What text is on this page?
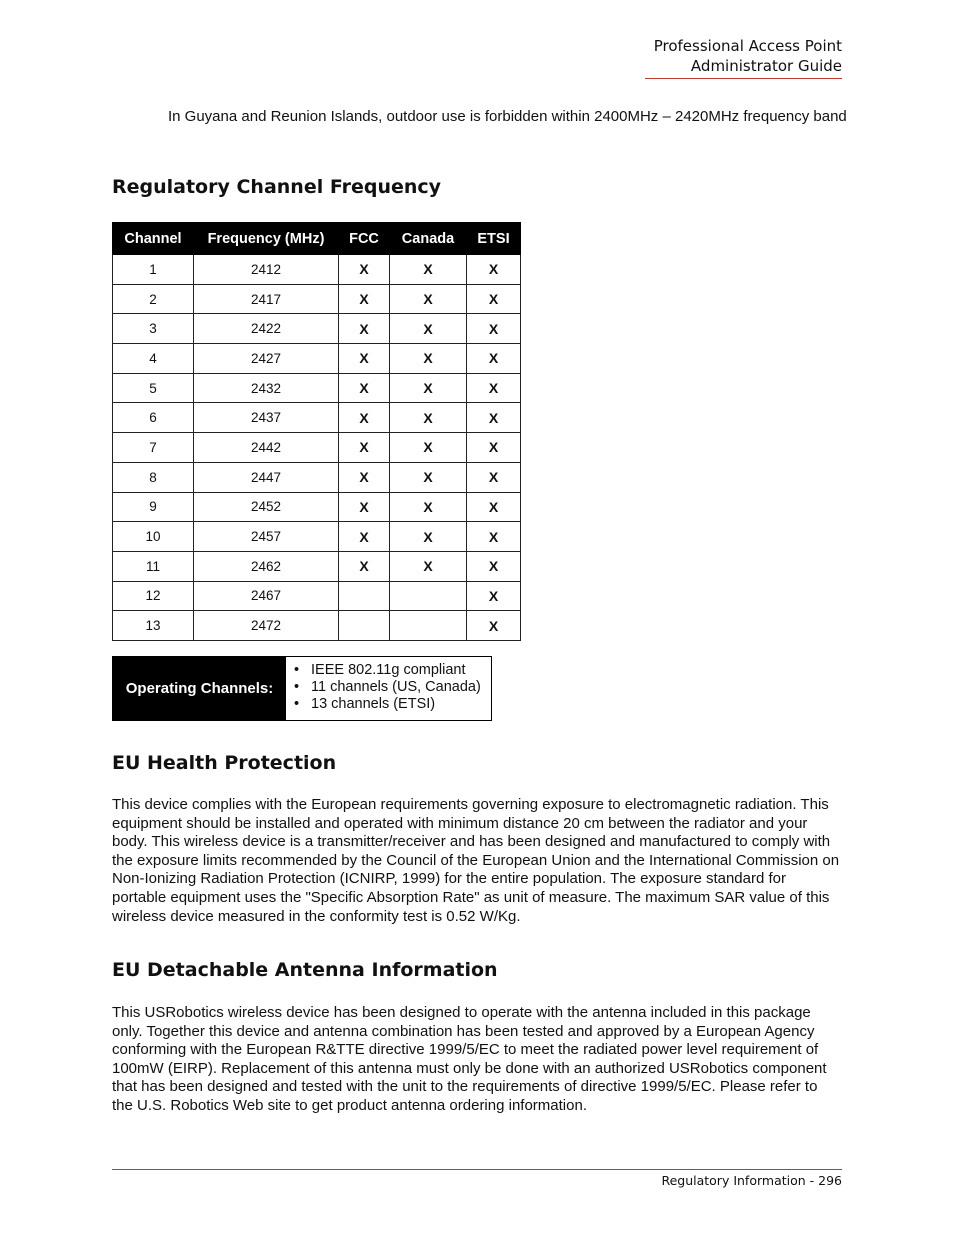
Professional Access Point
Administrator Guide

In Guyana and Reunion Islands, outdoor use is forbidden within 2400MHz – 2420MHz frequency band

Regulatory Channel Frequency
Channel	Frequency (MHz)	FCC	Canada	ETSI
1	2412	X	X	X
2	2417	X	X	X
3	2422	X	X	X
4	2427	X	X	X
5	2432	X	X	X
6	2437	X	X	X
7	2442	X	X	X
8	2447	X	X	X
9	2452	X	X	X
10	2457	X	X	X
11	2462	X	X	X
12	2467			X
13	2472			X
Operating Channels:
• IEEE 802.11g compliant
• 11 channels (US, Canada)
• 13 channels (ETSI)
EU Health Protection

This device complies with the European requirements governing exposure to electromagnetic radiation. This equipment should be installed and operated with minimum distance 20 cm between the radiator and your body. This wireless device is a transmitter/receiver and has been designed and manufactured to comply with the exposure limits recommended by the Council of the European Union and the International Commission on Non-Ionizing Radiation Protection (ICNIRP, 1999) for the entire population. The exposure standard for portable equipment uses the "Specific Absorption Rate" as unit of measure. The maximum SAR value of this wireless device measured in the conformity test is 0.52 W/Kg.

EU Detachable Antenna Information

This USRobotics wireless device has been designed to operate with the antenna included in this package only. Together this device and antenna combination has been tested and approved by a European Agency conforming with the European R&TTE directive 1999/5/EC to meet the radiated power level requirement of 100mW (EIRP). Replacement of this antenna must only be done with an authorized USRobotics component that has been designed and tested with the unit to the requirements of directive 1999/5/EC. Please refer to the U.S. Robotics Web site to get product antenna ordering information.

Regulatory Information - 296
